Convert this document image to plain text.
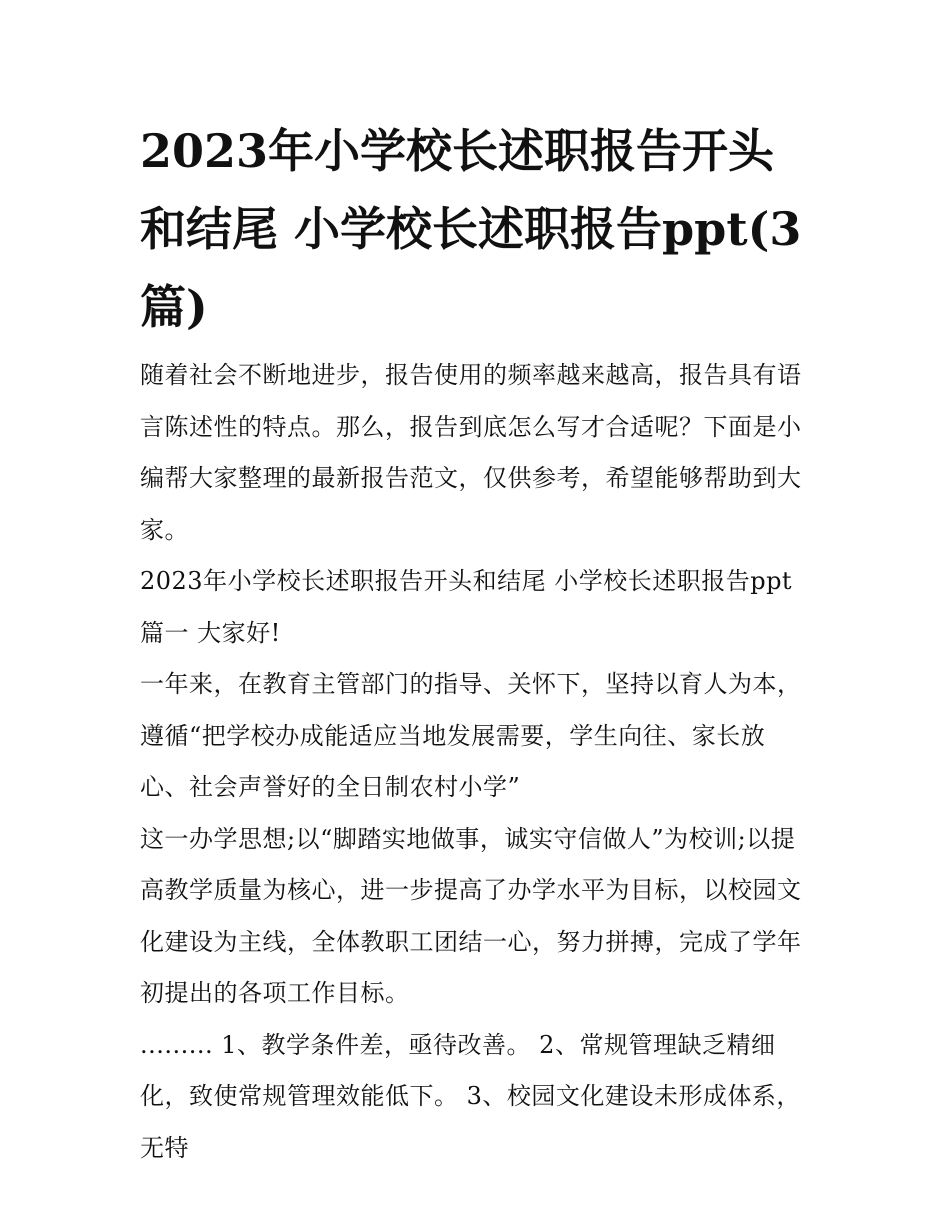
2023年小学校长述职报告开头和结尾 小学校长述职报告ppt(3篇)

随着社会不断地进步，报告使用的频率越来越高，报告具有语言陈述性的特点。那么，报告到底怎么写才合适呢？下面是小编帮大家整理的最新报告范文，仅供参考，希望能够帮助到大家。

2023年小学校长述职报告开头和结尾 小学校长述职报告ppt

篇一 大家好!

一年来，在教育主管部门的指导、关怀下，坚持以育人为本，遵循“把学校办成能适应当地发展需要，学生向往、家长放心、社会声誉好的全日制农村小学”

这一办学思想;以“脚踏实地做事，诚实守信做人”为校训;以提高教学质量为核心，进一步提高了办学水平为目标，以校园文化建设为主线，全体教职工团结一心，努力拼搏，完成了学年初提出的各项工作目标。

......... 1、教学条件差，亟待改善。 2、常规管理缺乏精细化，致使常规管理效能低下。 3、校园文化建设未形成体系，无特
